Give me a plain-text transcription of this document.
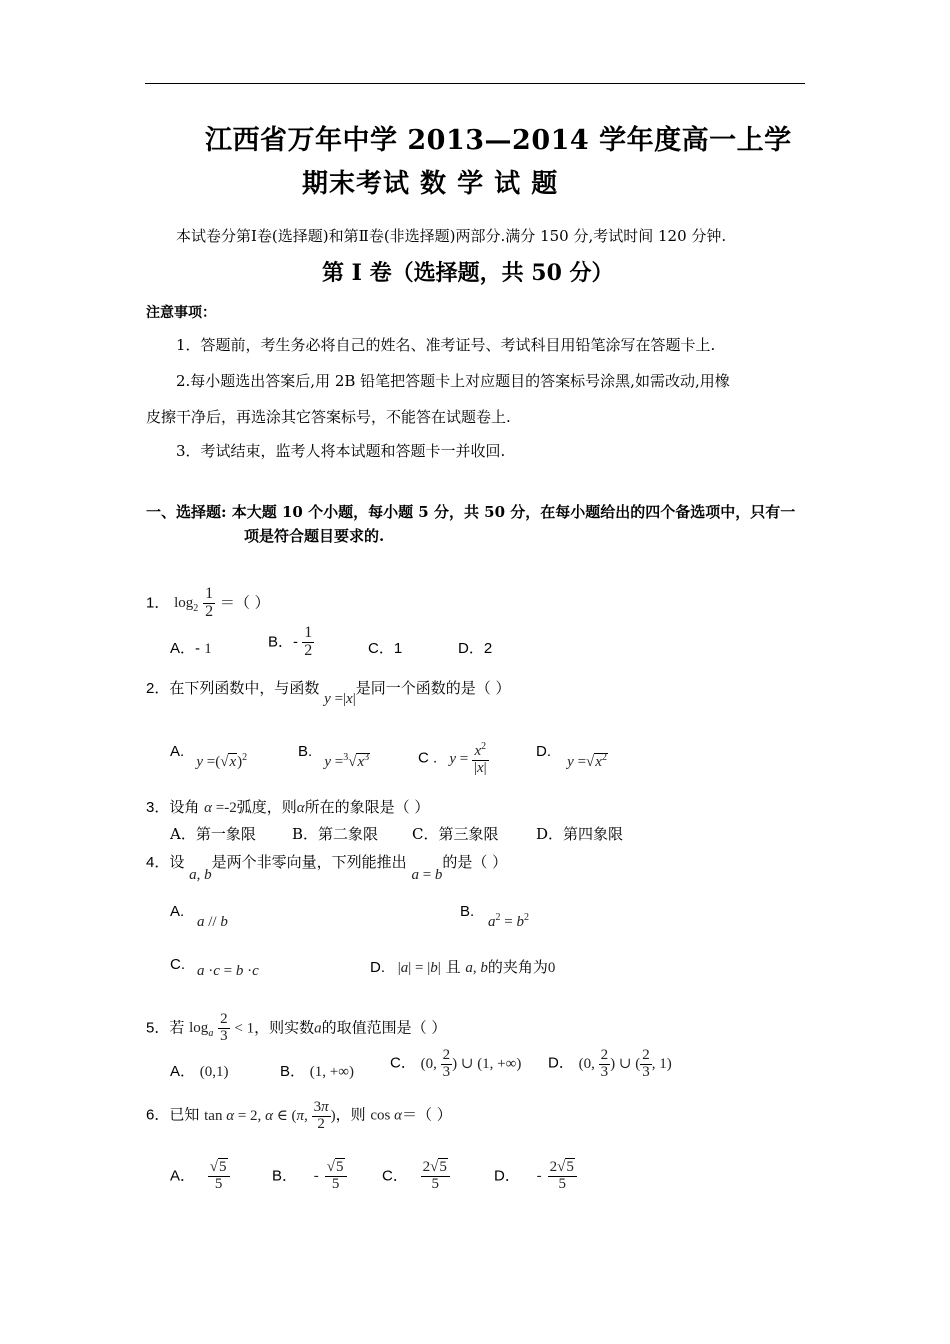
江西省万年中学 2013—2014 学年度高一上学
期末考试 数 学 试 题
本试卷分第Ⅰ卷(选择题)和第Ⅱ卷(非选择题)两部分.满分 150 分,考试时间 120 分钟.
第 I 卷（选择题，共 50 分）
注意事项：
1．答题前，考生务必将自己的姓名、准考证号、考试科目用铅笔涂写在答题卡上.
2.每小题选出答案后,用 2B 铅笔把答题卡上对应题目的答案标号涂黑,如需改动,用橡
皮擦干净后，再选涂其它答案标号，不能答在试题卷上.
3．考试结束，监考人将本试题和答题卡一并收回.
一、选择题: 本大题 10 个小题，每小题 5 分，共 50 分，在每小题给出的四个备选项中，只有一
项是符合题目要求的.
1． $\log_2 \frac{1}{2}$ ＝（ ）
A．- 1	B．- $\frac{1}{2}$	C．1	D．2
2．在下列函数中，与函数 y =|x|是同一个函数的是（ ）
A. $y =(√x)^2$	B. $y =^3√x^3$	C . $y = \frac{x^2}{|x|}$	D. $y =√x^2$
3．设角 α =-2弧度，则α所在的象限是（ ）
A．第一象限 B．第二象限 C．第三象限	D．第四象限
4．设 a, b是两个非零向量，下列能推出 a = b的是（ ）
A.
a // b
B.
$a^2 = b^2$
C. a ·c = b ·c	D. |a| = |b| 且 a, b的夹角为0
5．若 $\log_a \frac{2}{3} < 1$，则实数a的取值范围是（ ）
A． (0,1)	B． (1, +∞)
C． (0, $\frac{2}{3}$ ) ∪ (1, +∞) D． (0, $\frac{2}{3}$ ) ∪ ( $\frac{2}{3}$ , 1)
6．已知 tan α = 2, α ∈ (π, $\frac{3\pi}{2}$ )，则 cos α＝（ ）
A． $\frac{√5}{5}$	B． - $\frac{√5}{5}$ C． $\frac{2√5}{5}$	D． - $\frac{2√5}{5}$
